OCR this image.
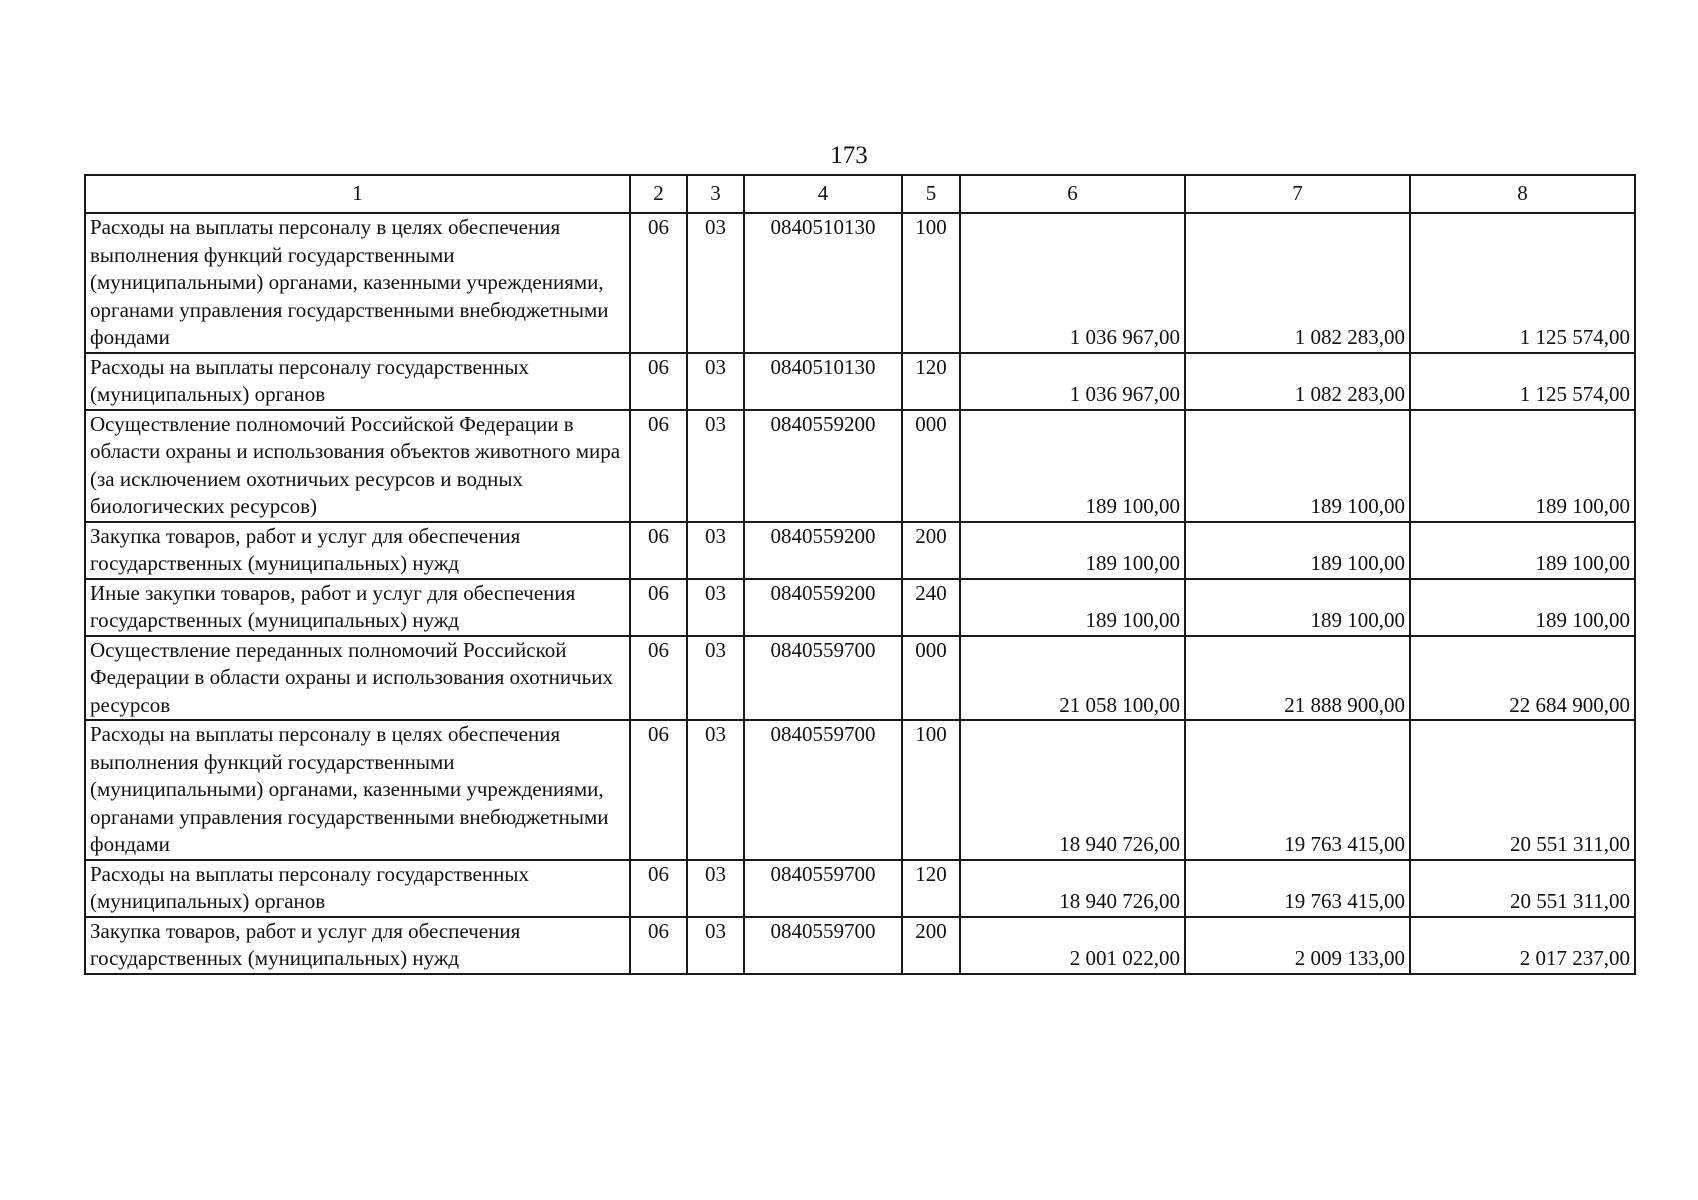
173
1	2	3	4	5	6	7	8
Расходы на выплаты персоналу в целях обеспечения выполнения функций государственными (муниципальными) органами, казенными учреждениями, органами управления государственными внебюджетными фондами	06	03	0840510130	100	1 036 967,00	1 082 283,00	1 125 574,00
Расходы на выплаты персоналу государственных (муниципальных) органов	06	03	0840510130	120	1 036 967,00	1 082 283,00	1 125 574,00
Осуществление полномочий Российской Федерации в области охраны и использования объектов животного мира (за исключением охотничьих ресурсов и водных биологических ресурсов)	06	03	0840559200	000	189 100,00	189 100,00	189 100,00
Закупка товаров, работ и услуг для обеспечения государственных (муниципальных) нужд	06	03	0840559200	200	189 100,00	189 100,00	189 100,00
Иные закупки товаров, работ и услуг для обеспечения государственных (муниципальных) нужд	06	03	0840559200	240	189 100,00	189 100,00	189 100,00
Осуществление переданных полномочий Российской Федерации в области охраны и использования охотничьих ресурсов	06	03	0840559700	000	21 058 100,00	21 888 900,00	22 684 900,00
Расходы на выплаты персоналу в целях обеспечения выполнения функций государственными (муниципальными) органами, казенными учреждениями, органами управления государственными внебюджетными фондами	06	03	0840559700	100	18 940 726,00	19 763 415,00	20 551 311,00
Расходы на выплаты персоналу государственных (муниципальных) органов	06	03	0840559700	120	18 940 726,00	19 763 415,00	20 551 311,00
Закупка товаров, работ и услуг для обеспечения государственных (муниципальных) нужд	06	03	0840559700	200	2 001 022,00	2 009 133,00	2 017 237,00
